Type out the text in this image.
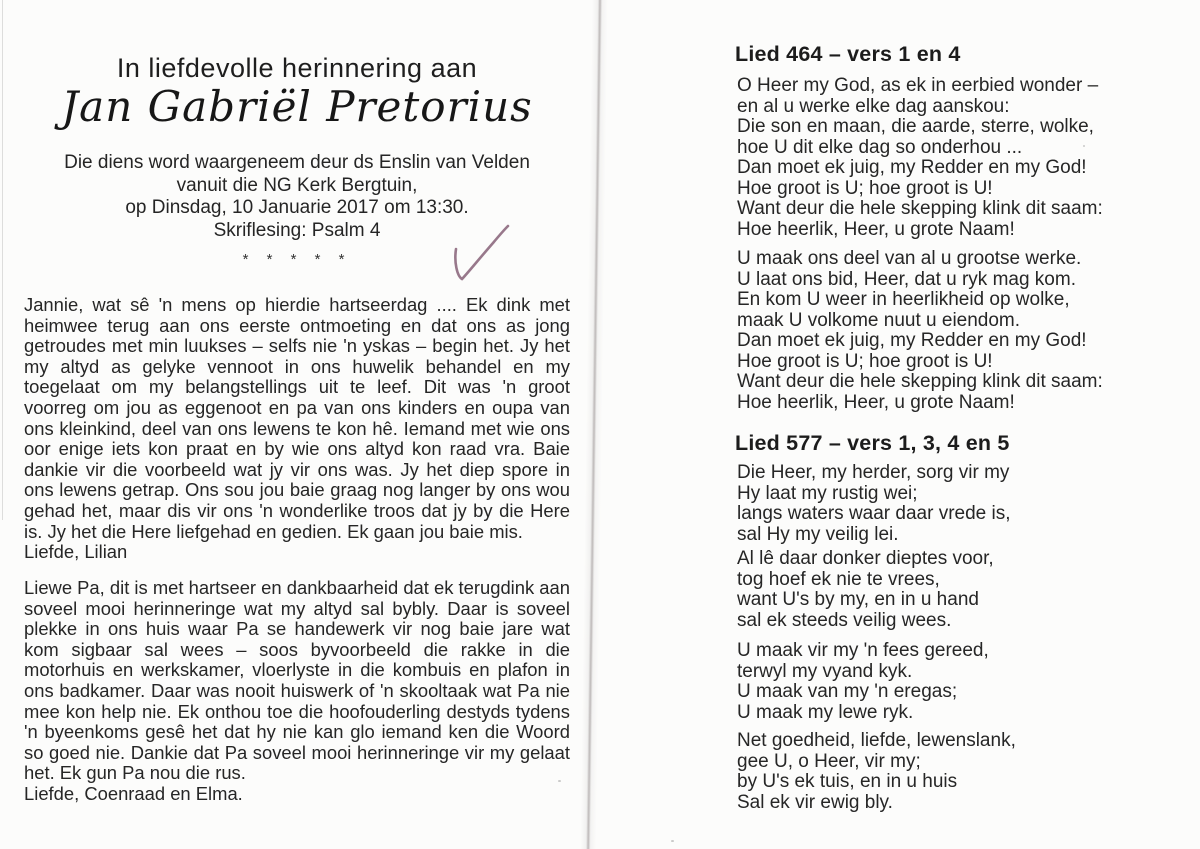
In liefdevolle herinnering aan
Jan Gabriël Pretorius
Die diens word waargeneem deur ds Enslin van Velden
vanuit die NG Kerk Bergtuin,
op Dinsdag, 10 Januarie 2017 om 13:30.
Skriflesing: Psalm 4
* * * * *

Jannie, wat sê 'n mens op hierdie hartseerdag .... Ek dink met heimwee terug aan ons eerste ontmoeting en dat ons as jong getroudes met min luukses – selfs nie 'n yskas – begin het. Jy het my altyd as gelyke vennoot in ons huwelik behandel en my toegelaat om my belangstellings uit te leef. Dit was 'n groot voorreg om jou as eggenoot en pa van ons kinders en oupa van ons kleinkind, deel van ons lewens te kon hê. Iemand met wie ons oor enige iets kon praat en by wie ons altyd kon raad vra. Baie dankie vir die voorbeeld wat jy vir ons was. Jy het diep spore in ons lewens getrap. Ons sou jou baie graag nog langer by ons wou gehad het, maar dis vir ons 'n wonderlike troos dat jy by die Here is. Jy het die Here liefgehad en gedien. Ek gaan jou baie mis.

Liefde, Lilian

Liewe Pa, dit is met hartseer en dankbaarheid dat ek terugdink aan soveel mooi herinneringe wat my altyd sal bybly. Daar is soveel plekke in ons huis waar Pa se handewerk vir nog baie jare wat kom sigbaar sal wees – soos byvoorbeeld die rakke in die motorhuis en werkskamer, vloerlyste in die kombuis en plafon in ons badkamer. Daar was nooit huiswerk of 'n skooltaak wat Pa nie mee kon help nie. Ek onthou toe die hoofouderling destyds tydens 'n byeenkoms gesê het dat hy nie kan glo iemand ken die Woord so goed nie. Dankie dat Pa soveel mooi herinneringe vir my gelaat het. Ek gun Pa nou die rus.

Liefde, Coenraad en Elma.
Lied 464 – vers 1 en 4
O Heer my God, as ek in eerbied wonder –
en al u werke elke dag aanskou:
Die son en maan, die aarde, sterre, wolke,
hoe U dit elke dag so onderhou ...
Dan moet ek juig, my Redder en my God!
Hoe groot is U; hoe groot is U!
Want deur die hele skepping klink dit saam:
Hoe heerlik, Heer, u grote Naam!
U maak ons deel van al u grootse werke.
U laat ons bid, Heer, dat u ryk mag kom.
En kom U weer in heerlikheid op wolke,
maak U volkome nuut u eiendom.
Dan moet ek juig, my Redder en my God!
Hoe groot is U; hoe groot is U!
Want deur die hele skepping klink dit saam:
Hoe heerlik, Heer, u grote Naam!
Lied 577 – vers 1, 3, 4 en 5
Die Heer, my herder, sorg vir my
Hy laat my rustig wei;
langs waters waar daar vrede is,
sal Hy my veilig lei.
Al lê daar donker dieptes voor,
tog hoef ek nie te vrees,
want U's by my, en in u hand
sal ek steeds veilig wees.
U maak vir my 'n fees gereed,
terwyl my vyand kyk.
U maak van my 'n eregas;
U maak my lewe ryk.
Net goedheid, liefde, lewenslank,
gee U, o Heer, vir my;
by U's ek tuis, en in u huis
Sal ek vir ewig bly.
